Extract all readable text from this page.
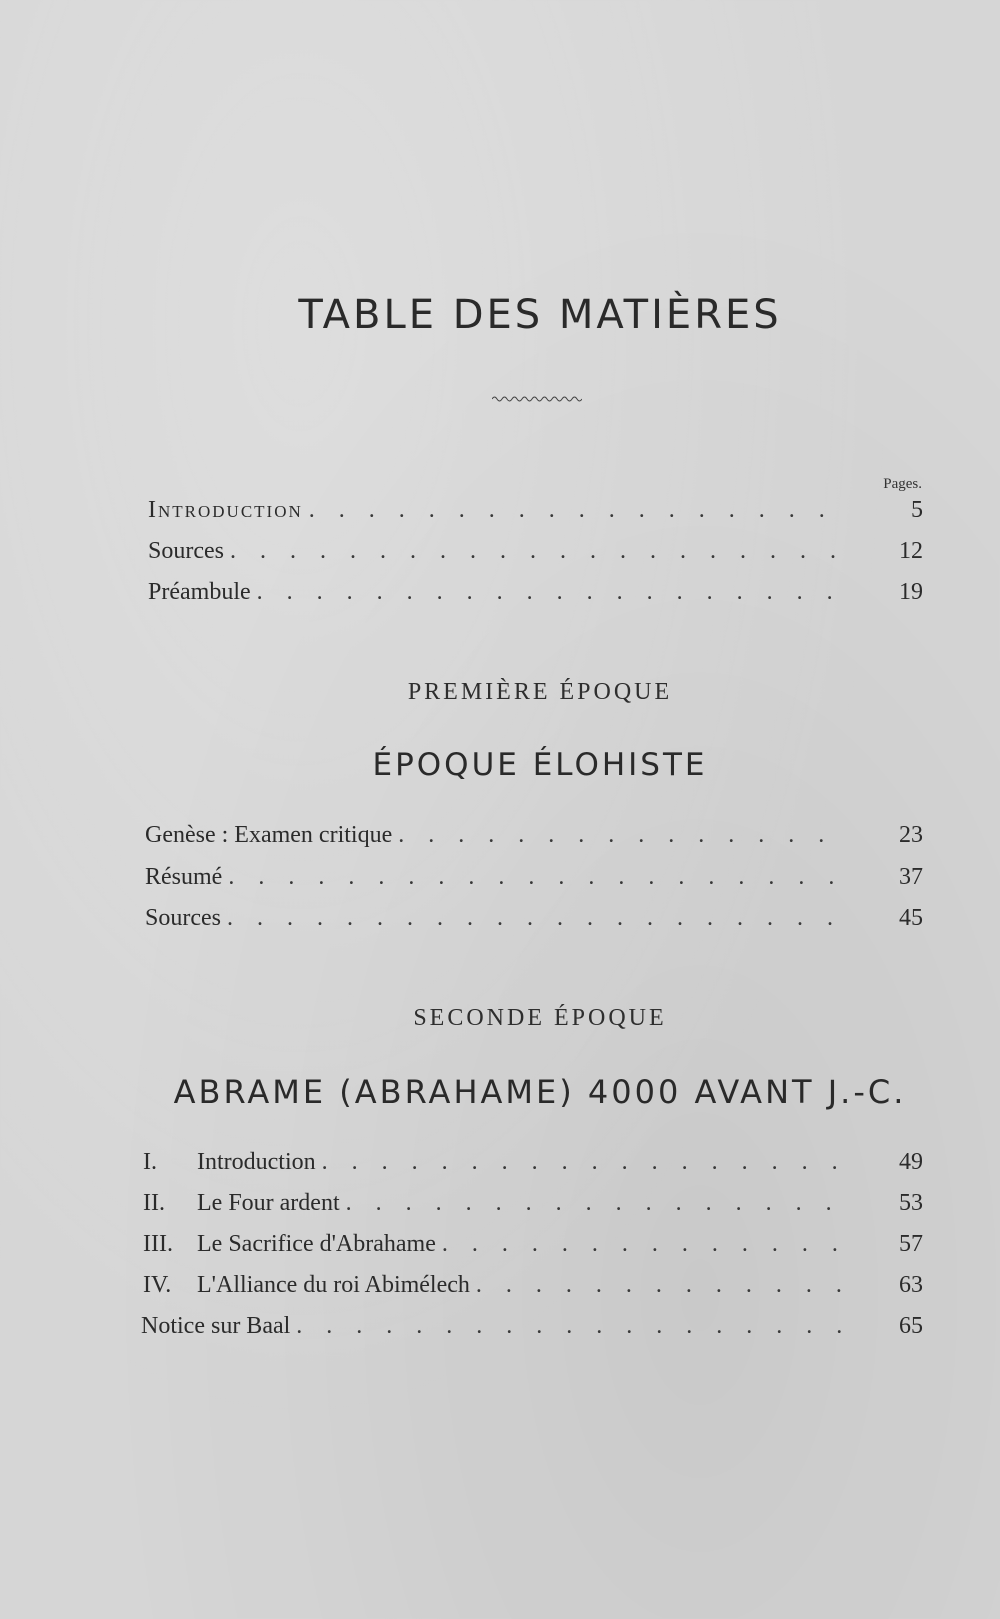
TABLE DES MATIÈRES
Pages.
Introduction . . .	5
Sources . . .	12
Préambule . . .	19
PREMIÈRE ÉPOQUE
ÉPOQUE ÉLOHISTE
Genèse : Examen critique . . .	23
Résumé . . .	37
Sources . . .	45
SECONDE ÉPOQUE
ABRAME (ABRAHAME) 4000 AVANT J.-C.
I. Introduction . . .	49
II. Le Four ardent . . .	53
III. Le Sacrifice d'Abrahame . . .	57
IV. L'Alliance du roi Abimélech . . .	63
Notice sur Baal . . .	65
